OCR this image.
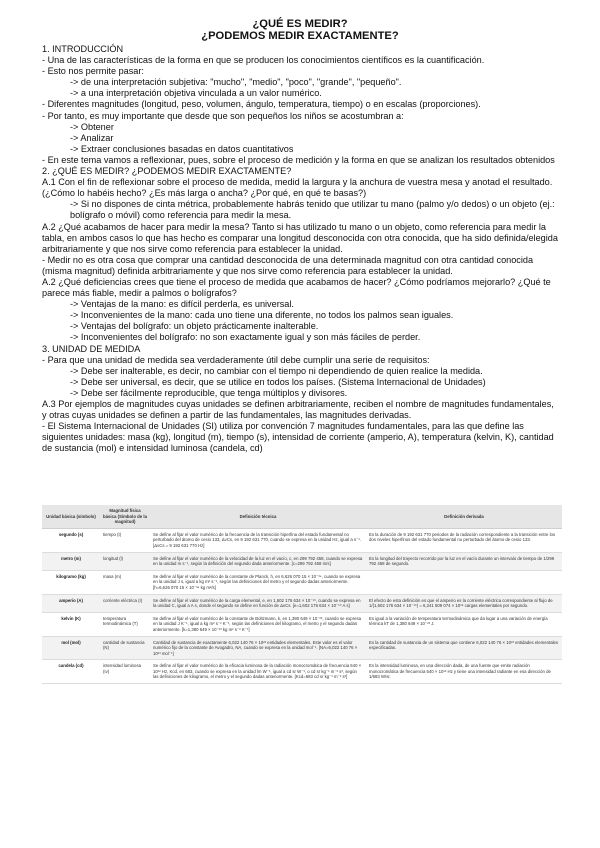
¿QUÉ ES MEDIR?

¿PODEMOS MEDIR EXACTAMENTE?

1. INTRODUCCIÓN

- Una de las características de la forma en que se producen los conocimientos científicos es la cuantificación.

- Esto nos permite pasar:

-> de una interpretación subjetiva: "mucho", "medio", "poco", "grande", "pequeño".

-> a una interpretación objetiva vinculada a un valor numérico.

- Diferentes magnitudes (longitud, peso, volumen, ángulo, temperatura, tiempo) o en escalas (proporciones).

- Por tanto, es muy importante que desde que son pequeños los niños se acostumbran a:

-> Obtener

-> Analizar

-> Extraer conclusiones basadas en datos cuantitativos

- En este tema vamos a reflexionar, pues, sobre el proceso de medición y la forma en que se analizan los resultados obtenidos

2. ¿QUÉ ES MEDIR? ¿PODEMOS MEDIR EXACTAMENTE?

A.1 Con el fin de reflexionar sobre el proceso de medida, medid la largura y la anchura de vuestra mesa y anotad el resultado. (¿Cómo lo habéis hecho? ¿Es más larga o ancha? ¿Por qué, en qué te basas?)

-> Si no dispones de cinta métrica, probablemente habrás tenido que utilizar tu mano (palmo y/o dedos) o un objeto (ej.: bolígrafo o móvil) como referencia para medir la mesa.

A.2 ¿Qué acabamos de hacer para medir la mesa? Tanto si has utilizado tu mano o un objeto, como referencia para medir la tabla, en ambos casos lo que has hecho es comparar una longitud desconocida con otra conocida, que ha sido definida/elegida arbitrariamente y que nos sirve como referencia para establecer la unidad.

- Medir no es otra cosa que comprar una cantidad desconocida de una determinada magnitud con otra cantidad conocida (misma magnitud) definida arbitrariamente y que nos sirve como referencia para establecer la unidad.

A.2 ¿Qué deficiencias crees que tiene el proceso de medida que acabamos de hacer? ¿Cómo podríamos mejorarlo? ¿Qué te parece más fiable, medir a palmos o bolígrafos?

-> Ventajas de la mano: es difícil perderla, es universal.

-> Inconvenientes de la mano: cada uno tiene una diferente, no todos los palmos sean iguales.

-> Ventajas del bolígrafo: un objeto prácticamente inalterable.

-> Inconvenientes del bolígrafo: no son exactamente igual y son más fáciles de perder.

3. UNIDAD DE MEDIDA

- Para que una unidad de medida sea verdaderamente útil debe cumplir una serie de requisitos:

-> Debe ser inalterable, es decir, no cambiar con el tiempo ni dependiendo de quien realice la medida.

-> Debe ser universal, es decir, que se utilice en todos los países. (Sistema Internacional de Unidades)

-> Debe ser fácilmente reproducible, que tenga múltiplos y divisores.

A.3 Por ejemplos de magnitudes cuyas unidades se definen arbitrariamente, reciben el nombre de magnitudes fundamentales, y otras cuyas unidades se definen a partir de las fundamentales, las magnitudes derivadas.

- El Sistema Internacional de Unidades (SI) utiliza por convención 7 magnitudes fundamentales, para las que define las siguientes unidades: masa (kg), longitud (m), tiempo (s), intensidad de corriente (amperio, A), temperatura (kelvin, K), cantidad de sustancia (mol) e intensidad luminosa (candela, cd)

Unidad básica (símbolo)	Magnitud física básica (Símbolo de la magnitud)	Definición técnica	Definición derivada
segundo (s)	tiempo (t)	Se define al fijar el valor numérico de la frecuencia de la transición hiperfina del estado fundamental no perturbado del átomo de cesio 133, ΔνCs, en 9 192 631 770, cuando se expresa en la unidad Hz, igual a s⁻¹. [ΔνCs = 9 192 631 770 Hz]	Es la duración de 9 192 631 770 periodos de la radiación correspondiente a la transición entre los dos niveles hiperfinos del estado fundamental no perturbado del átomo de cesio 133.
metro (m)	longitud (l)	Se define al fijar el valor numérico de la velocidad de la luz en el vacío, c, en 299 792 458, cuando se expresa en la unidad m s⁻¹, según la definición del segundo dada anteriormente. [c=299 792 458 m/s]	Es la longitud del trayecto recorrido por la luz en el vacío durante un intervalo de tiempo de 1/299 792 458 de segundo.
kilogramo (kg)	masa (m)	Se define al fijar el valor numérico de la constante de Planck, h, en 6,626 070 15 × 10⁻³⁴, cuando se expresa en la unidad J s, igual a kg m² s⁻¹, según las definiciones del metro y el segundo dadas anteriormente. [h=6,626 070 15 × 10⁻³⁴ kg m²/s]	
amperio (A)	corriente eléctrica (I)	Se define al fijar el valor numérico de la carga elemental, e, en 1,602 176 634 × 10⁻¹⁹, cuando se expresa en la unidad C, igual a A s, donde el segundo se define en función de ΔνCs. [e=1,602 176 634 × 10⁻¹⁹ A s]	El efecto de esta definición es que el amperio es la corriente eléctrica correspondiente al flujo de 1/(1,602 176 634 × 10⁻¹⁹) = 6,241 509 074 × 10¹⁸ cargas elementales por segundo.
kelvin (K)	temperatura termodinámica (T)	Se define al fijar el valor numérico de la constante de Boltzmann, k, en 1,380 649 × 10⁻²³, cuando se expresa en la unidad J K⁻¹, igual a kg m² s⁻² K⁻¹, según las definiciones del kilogramo, el metro y el segundo dadas anteriormente. [k=1,380 649 × 10⁻²³ kg m² s⁻² K⁻¹]	Es igual a la variación de temperatura termodinámica que da lugar a una variación de energía térmica kT de 1,380 649 × 10⁻²³ J.
mol (mol)	cantidad de sustancia (N)	Cantidad de sustancia de exactamente 6,022 140 76 × 10²³ entidades elementales. Este valor es el valor numérico fijo de la constante de Avogadro, NA, cuando se expresa en la unidad mol⁻¹. [NA=6,022 140 76 × 10²³ mol⁻¹]	Es la cantidad de sustancia de un sistema que contiene 6,022 140 76 × 10²³ entidades elementales especificadas.
candela (cd)	intensidad luminosa (Iv)	Se define al fijar el valor numérico de la eficacia luminosa de la radiación monocromática de frecuencia 540 × 10¹² Hz, Kcd, en 683, cuando se expresa en la unidad lm W⁻¹, igual a cd sr W⁻¹, o cd sr kg⁻¹ m⁻² s³, según las definiciones de kilogramo, el metro y el segundo dadas anteriormente. [Kcd=683 cd sr kg⁻¹ m⁻² s³]	Es la intensidad luminosa, en una dirección dada, de una fuente que emite radiación monocromática de frecuencia 540 × 10¹² Hz y tiene una intensidad radiante en esa dirección de 1/683 W/sr.
